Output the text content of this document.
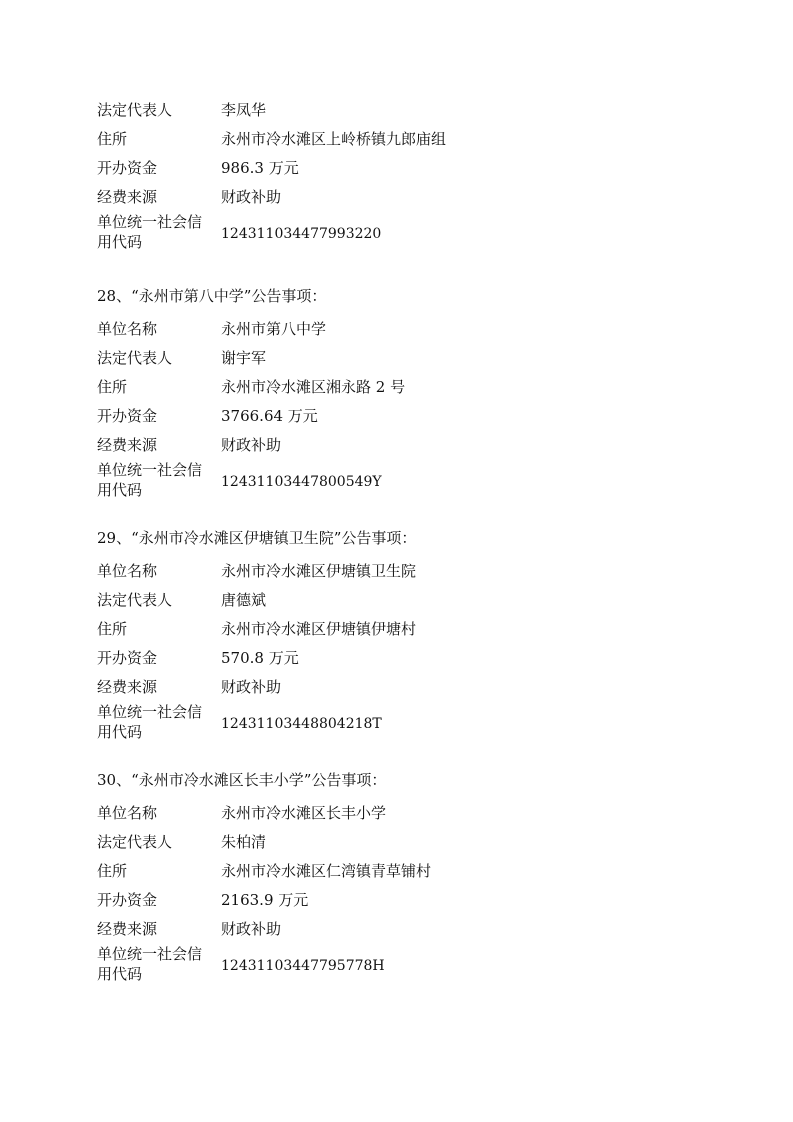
法定代表人	李凤华
住所	永州市冷水滩区上岭桥镇九郎庙组
开办资金	986.3 万元
经费来源	财政补助
单位统一社会信用代码	124311034477993220
28、“永州市第八中学”公告事项：
单位名称	永州市第八中学
法定代表人	谢宇军
住所	永州市冷水滩区湘永路 2 号
开办资金	3766.64 万元
经费来源	财政补助
单位统一社会信用代码	12431103447800549Y
29、“永州市冷水滩区伊塘镇卫生院”公告事项：
单位名称	永州市冷水滩区伊塘镇卫生院
法定代表人	唐德斌
住所	永州市冷水滩区伊塘镇伊塘村
开办资金	570.8 万元
经费来源	财政补助
单位统一社会信用代码	12431103448804218T
30、“永州市冷水滩区长丰小学”公告事项：
单位名称	永州市冷水滩区长丰小学
法定代表人	朱柏清
住所	永州市冷水滩区仁湾镇青草铺村
开办资金	2163.9 万元
经费来源	财政补助
单位统一社会信用代码	12431103447795778H
